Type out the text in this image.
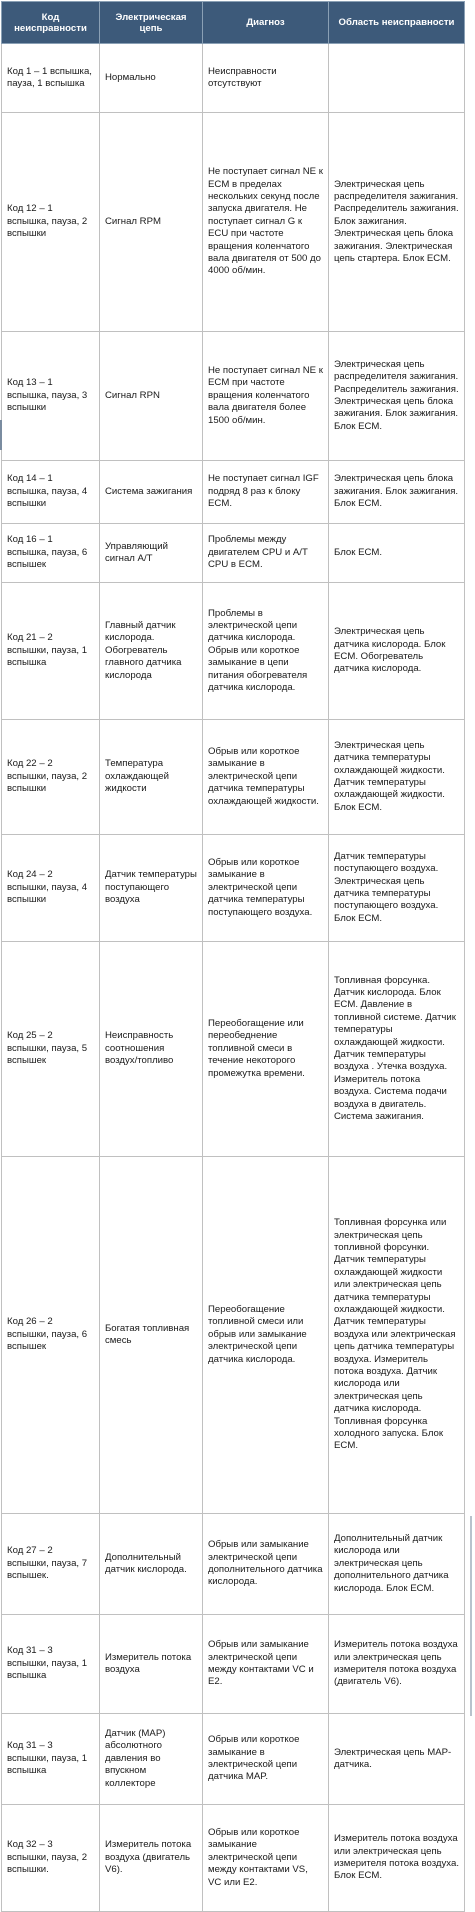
Код неисправности	Электрическая цепь	Диагноз	Область неисправности
Код 1 – 1 вспышка, пауза, 1 вспышка	Нормально	Неисправности отсутствуют	
Код 12 – 1 вспышка, пауза, 2 вспышки	Сигнал RPM	Не поступает сигнал NE к ECM в пределах нескольких секунд после запуска двигателя. Не поступает сигнал G к ECU при частоте вращения коленчатого вала двигателя от 500 до 4000 об/мин.	Электрическая цепь распределителя зажигания. Распределитель зажигания. Блок зажигания. Электрическая цепь блока зажигания. Электрическая цепь стартера. Блок ECM.
Код 13 – 1 вспышка, пауза, 3 вспышки	Сигнал RPN	Не поступает сигнал NE к ECM при частоте вращения коленчатого вала двигателя более 1500 об/мин.	Электрическая цепь распределителя зажигания. Распределитель зажигания. Электрическая цепь блока зажигания. Блок зажигания. Блок ECM.
Код 14 – 1 вспышка, пауза, 4 вспышки	Система зажигания	Не поступает сигнал IGF подряд 8 раз к блоку ECM.	Электрическая цепь блока зажигания. Блок зажигания. Блок ECM.
Код 16 – 1 вспышка, пауза, 6 вспышек	Управляющий сигнал A/T	Проблемы между двигателем CPU и A/T CPU в ECM.	Блок ECM.
Код 21 – 2 вспышки, пауза, 1 вспышка	Главный датчик кислорода. Обогреватель главного датчика кислорода	Проблемы в электрической цепи датчика кислорода. Обрыв или короткое замыкание в цепи питания обогревателя датчика кислорода.	Электрическая цепь датчика кислорода. Блок ECM. Обогреватель датчика кислорода.
Код 22 – 2 вспышки, пауза, 2 вспышки	Температура охлаждающей жидкости	Обрыв или короткое замыкание в электрической цепи датчика температуры охлаждающей жидкости.	Электрическая цепь датчика температуры охлаждающей жидкости. Датчик температуры охлаждающей жидкости. Блок ECM.
Код 24 – 2 вспышки, пауза, 4 вспышки	Датчик температуры поступающего воздуха	Обрыв или короткое замыкание в электрической цепи датчика температуры поступающего воздуха.	Датчик температуры поступающего воздуха. Электрическая цепь датчика температуры поступающего воздуха. Блок ECM.
Код 25 – 2 вспышки, пауза, 5 вспышек	Неисправность соотношения воздух/топливо	Переобогащение или переобеднение топливной смеси в течение некоторого промежутка времени.	Топливная форсунка. Датчик кислорода. Блок ECM. Давление в топливной системе. Датчик температуры охлаждающей жидкости. Датчик температуры воздуха . Утечка воздуха. Измеритель потока воздуха. Система подачи воздуха в двигатель. Система зажигания.
Код 26 – 2 вспышки, пауза, 6 вспышек	Богатая топливная смесь	Переобогащение топливной смеси или обрыв или замыкание электрической цепи датчика кислорода.	Топливная форсунка или электрическая цепь топливной форсунки. Датчик температуры охлаждающей жидкости или электрическая цепь датчика температуры охлаждающей жидкости. Датчик температуры воздуха или электрическая цепь датчика температуры воздуха. Измеритель потока воздуха. Датчик кислорода или электрическая цепь датчика кислорода. Топливная форсунка холодного запуска. Блок ECM.
Код 27 – 2 вспышки, пауза, 7 вспышек.	Дополнительный датчик кислорода.	Обрыв или замыкание электрической цепи дополнительного датчика кислорода.	Дополнительный датчик кислорода или электрическая цепь дополнительного датчика кислорода. Блок ECM.
Код 31 – 3 вспышки, пауза, 1 вспышка	Измеритель потока воздуха	Обрыв или замыкание электрической цепи между контактами VC и E2.	Измеритель потока воздуха или электрическая цепь измерителя потока воздуха (двигатель V6).
Код 31 – 3 вспышки, пауза, 1 вспышка	Датчик (MAP) абсолютного давления во впускном коллекторе	Обрыв или короткое замыкание в электрической цепи датчика MAP.	Электрическая цепь MAP-датчика.
Код 32 – 3 вспышки, пауза, 2 вспышки.	Измеритель потока воздуха (двигатель V6).	Обрыв или короткое замыкание электрической цепи между контактами VS, VC или E2.	Измеритель потока воздуха или электрическая цепь измерителя потока воздуха. Блок ECM.
